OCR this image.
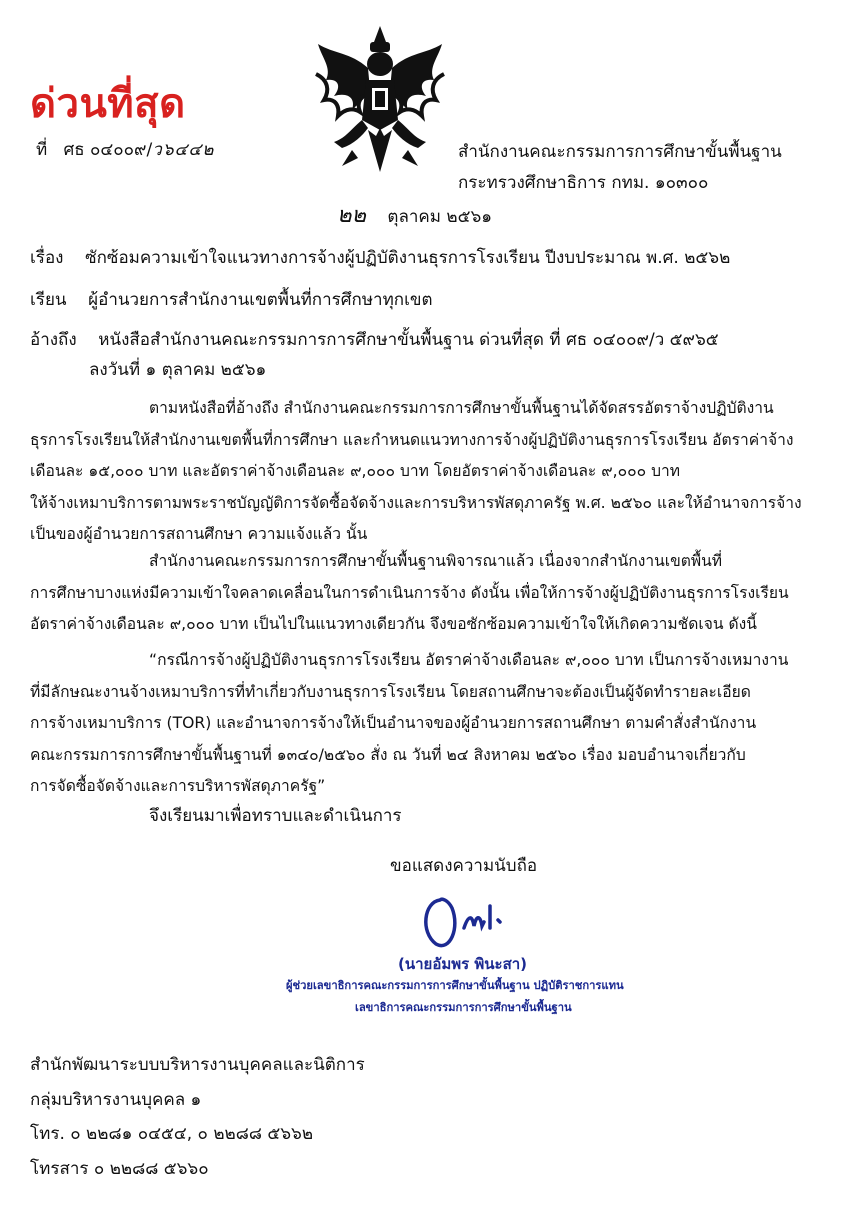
ด่วนที่สุด
ที่ ศธ ๐๔๐๐๙/ว๖๔๔๒	สำนักงานคณะกรรมการการศึกษาขั้นพื้นฐาน
กระทรวงศึกษาธิการ กทม. ๑๐๓๐๐
๒๒ ตุลาคม ๒๕๖๑
เรื่อง ซักซ้อมความเข้าใจแนวทางการจ้างผู้ปฏิบัติงานธุรการโรงเรียน ปีงบประมาณ พ.ศ. ๒๕๖๒
เรียน ผู้อำนวยการสำนักงานเขตพื้นที่การศึกษาทุกเขต
อ้างถึง หนังสือสำนักงานคณะกรรมการการศึกษาขั้นพื้นฐาน ด่วนที่สุด ที่ ศธ ๐๔๐๐๙/ว ๕๙๖๕
ลงวันที่ ๑ ตุลาคม ๒๕๖๑

ตามหนังสือที่อ้างถึง สำนักงานคณะกรรมการการศึกษาขั้นพื้นฐานได้จัดสรรอัตราจ้างปฏิบัติงาน

ธุรการโรงเรียนให้สำนักงานเขตพื้นที่การศึกษา และกำหนดแนวทางการจ้างผู้ปฏิบัติงานธุรการโรงเรียน อัตราค่าจ้าง

เดือนละ ๑๕,๐๐๐ บาท และอัตราค่าจ้างเดือนละ ๙,๐๐๐ บาท โดยอัตราค่าจ้างเดือนละ ๙,๐๐๐ บาท

ให้จ้างเหมาบริการตามพระราชบัญญัติการจัดซื้อจัดจ้างและการบริหารพัสดุภาครัฐ พ.ศ. ๒๕๖๐ และให้อำนาจการจ้าง

เป็นของผู้อำนวยการสถานศึกษา ความแจ้งแล้ว นั้น

สำนักงานคณะกรรมการการศึกษาขั้นพื้นฐานพิจารณาแล้ว เนื่องจากสำนักงานเขตพื้นที่

การศึกษาบางแห่งมีความเข้าใจคลาดเคลื่อนในการดำเนินการจ้าง ดังนั้น เพื่อให้การจ้างผู้ปฏิบัติงานธุรการโรงเรียน

อัตราค่าจ้างเดือนละ ๙,๐๐๐ บาท เป็นไปในแนวทางเดียวกัน จึงขอซักซ้อมความเข้าใจให้เกิดความชัดเจน ดังนี้

“กรณีการจ้างผู้ปฏิบัติงานธุรการโรงเรียน อัตราค่าจ้างเดือนละ ๙,๐๐๐ บาท เป็นการจ้างเหมางาน

ที่มีลักษณะงานจ้างเหมาบริการที่ทำเกี่ยวกับงานธุรการโรงเรียน โดยสถานศึกษาจะต้องเป็นผู้จัดทำรายละเอียด

การจ้างเหมาบริการ (TOR) และอำนาจการจ้างให้เป็นอำนาจของผู้อำนวยการสถานศึกษา ตามคำสั่งสำนักงาน

คณะกรรมการการศึกษาขั้นพื้นฐานที่ ๑๓๔๐/๒๕๖๐ สั่ง ณ วันที่ ๒๔ สิงหาคม ๒๕๖๐ เรื่อง มอบอำนาจเกี่ยวกับ

การจัดซื้อจัดจ้างและการบริหารพัสดุภาครัฐ”

จึงเรียนมาเพื่อทราบและดำเนินการ
ขอแสดงความนับถือ
(นายอัมพร พินะสา)
ผู้ช่วยเลขาธิการคณะกรรมการการศึกษาขั้นพื้นฐาน ปฏิบัติราชการแทน
เลขาธิการคณะกรรมการการศึกษาขั้นพื้นฐาน
สำนักพัฒนาระบบบริหารงานบุคคลและนิติการ
กลุ่มบริหารงานบุคคล ๑
โทร. ๐ ๒๒๘๑ ๐๔๕๔, ๐ ๒๒๘๘ ๕๖๖๒
โทรสาร ๐ ๒๒๘๘ ๕๖๖๐
